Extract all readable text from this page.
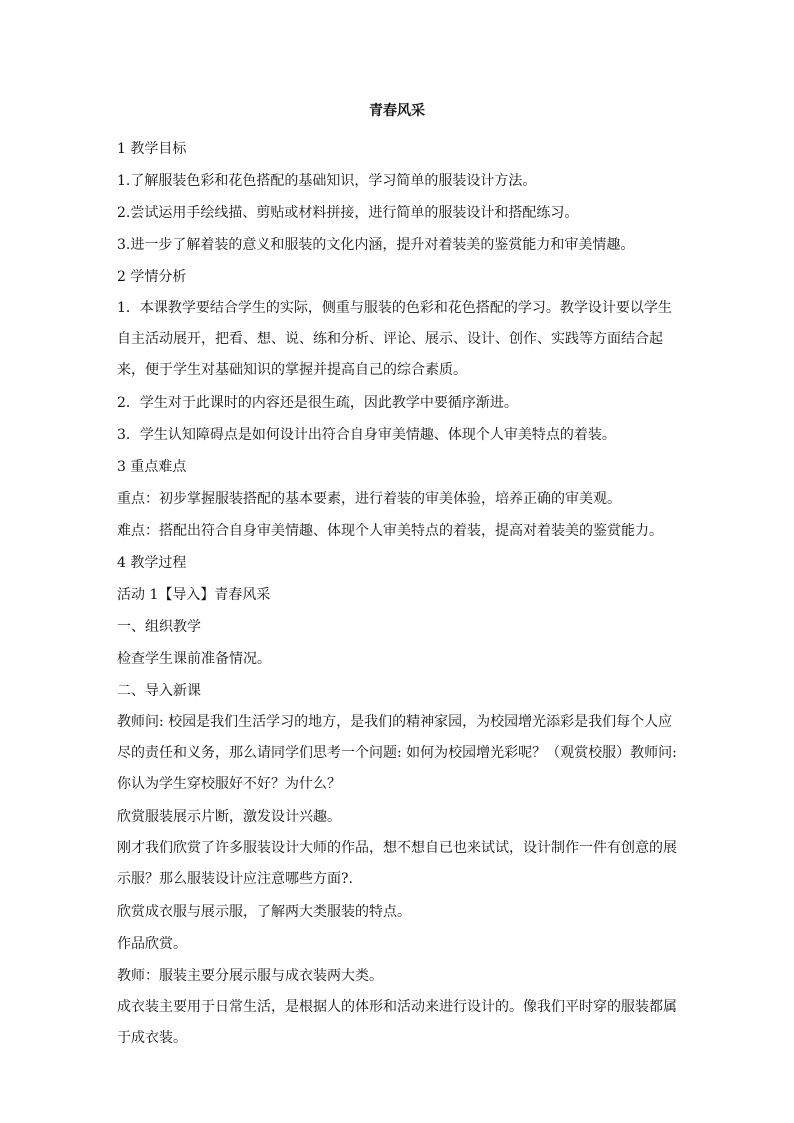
青春风采

1 教学目标

1.了解服装色彩和花色搭配的基础知识，学习简单的服装设计方法。

2.尝试运用手绘线描、剪贴或材料拼接，进行简单的服装设计和搭配练习。

3.进一步了解着装的意义和服装的文化内涵，提升对着装美的鉴赏能力和审美情趣。

2 学情分析

1．本课教学要结合学生的实际，侧重与服装的色彩和花色搭配的学习。教学设计要以学生自主活动展开，把看、想、说、练和分析、评论、展示、设计、创作、实践等方面结合起来，便于学生对基础知识的掌握并提高自己的综合素质。

2．学生对于此课时的内容还是很生疏，因此教学中要循序渐进。

3．学生认知障碍点是如何设计出符合自身审美情趣、体现个人审美特点的着装。

3 重点难点

重点：初步掌握服装搭配的基本要素，进行着装的审美体验，培养正确的审美观。

难点：搭配出符合自身审美情趣、体现个人审美特点的着装，提高对着装美的鉴赏能力。

4 教学过程

活动 1【导入】青春风采

一、组织教学

检查学生课前准备情况。

二、导入新课

教师问: 校园是我们生活学习的地方，是我们的精神家园，为校园增光添彩是我们每个人应尽的责任和义务，那么请同学们思考一个问题: 如何为校园增光彩呢？（观赏校服）教师问: 你认为学生穿校服好不好？为什么？

欣赏服装展示片断，激发设计兴趣。

刚才我们欣赏了许多服装设计大师的作品，想不想自已也来试试，设计制作一件有创意的展示服？那么服装设计应注意哪些方面?.

欣赏成衣服与展示服，了解两大类服装的特点。

作品欣赏。

教师：服装主要分展示服与成衣装两大类。

成衣装主要用于日常生活，是根据人的体形和活动来进行设计的。像我们平时穿的服装都属于成衣装。
